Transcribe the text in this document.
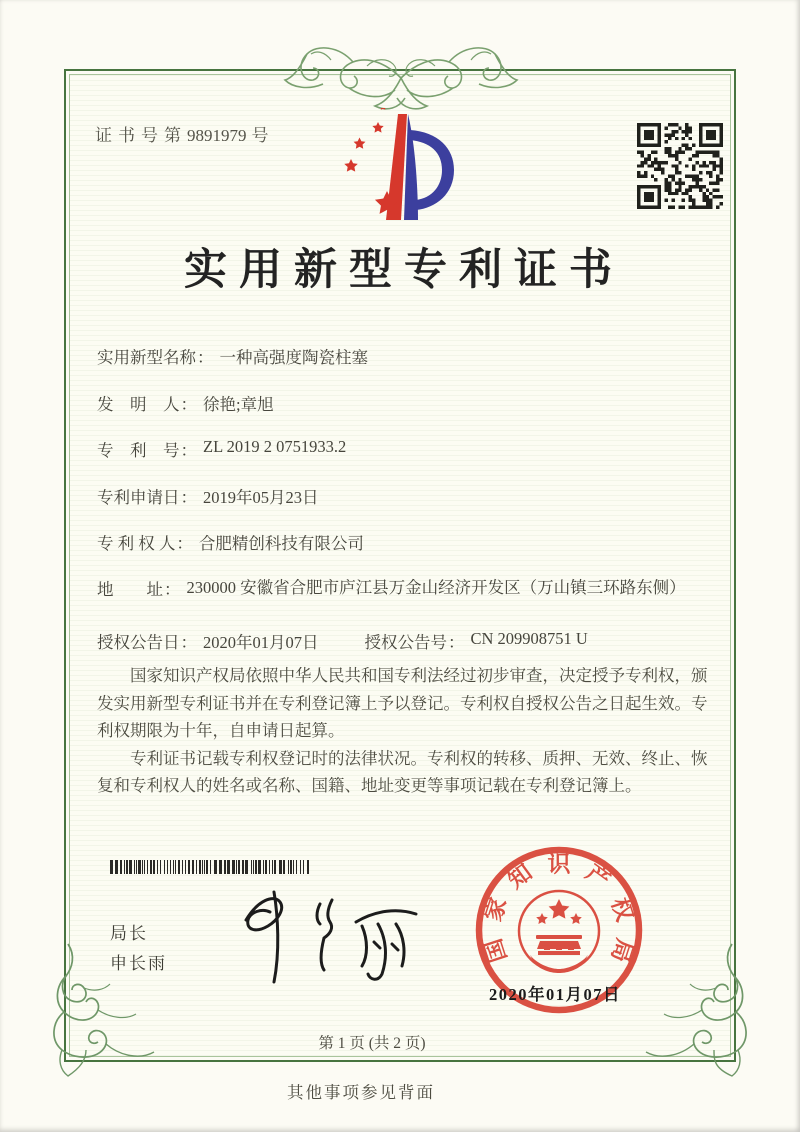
证书号第9891979 号
实用新型专利证书
实用新型名称 ： 一种高强度陶瓷柱塞
发　明　人 ： 徐艳;章旭
专　利　号 ： ZL 2019 2 0751933.2
专利申请日 ： 2019年05月23日
专 利 权 人 ： 合肥精创科技有限公司
地　　址 ： 230000 安徽省合肥市庐江县万金山经济开发区（万山镇三环路东侧）
授权公告日 ： 2020年01月07日	授权公告号 ： CN 209908751 U

国家知识产权局依照中华人民共和国专利法经过初步审查，决定授予专利权，颁发实用新型专利证书并在专利登记簿上予以登记。专利权自授权公告之日起生效。专利权期限为十年，自申请日起算。

专利证书记载专利权登记时的法律状况。专利权的转移、质押、无效、终止、恢复和专利权人的姓名或名称、国籍、地址变更等事项记载在专利登记簿上。

局长
申长雨	国
家
知 识 产
权
局
2020年01月07日
第 1 页 (共 2 页)
其他事项参见背面
